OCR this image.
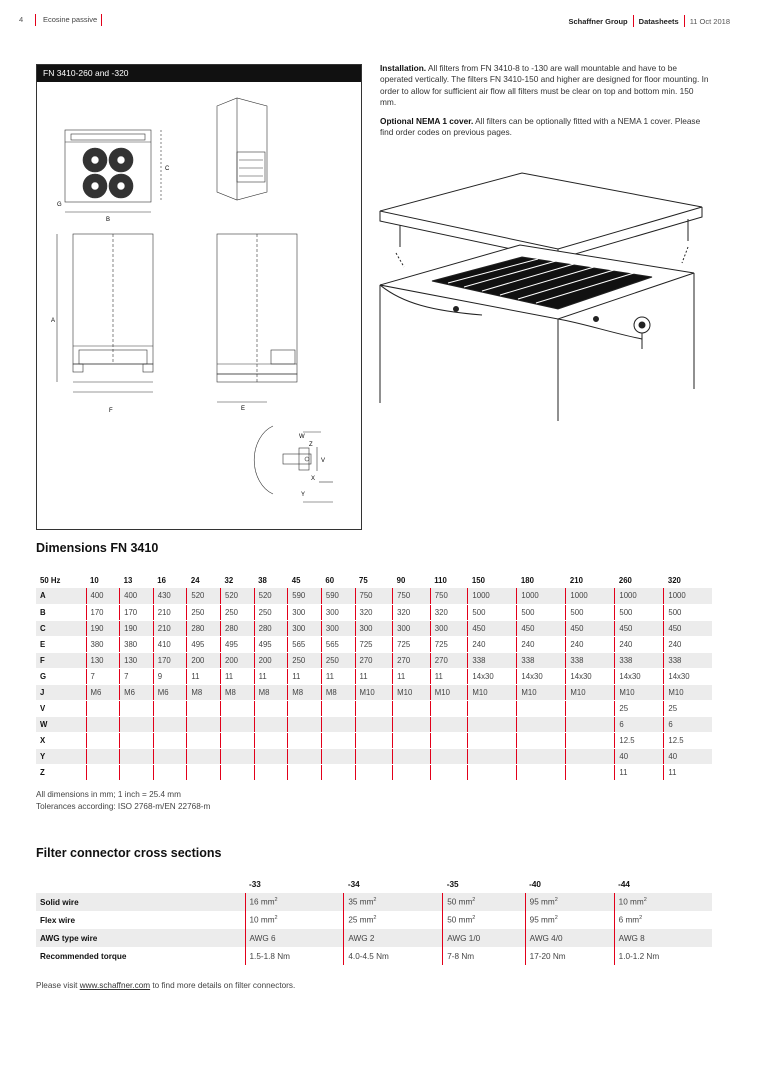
4	Ecosine passive	Schaffner Group Datasheets 11 Oct 2018
FN 3410-260 and -320
C
G
B
A
F	E
W
Z
V
X
Y

Installation. All filters from FN 3410-8 to -130 are wall mountable and have to be operated vertically. The filters FN 3410-150 and higher are designed for floor mounting. In order to allow for sufficient air flow all filters must be clear on top and bottom min. 150 mm.

Optional NEMA 1 cover. All filters can be optionally fitted with a NEMA 1 cover. Please find order codes on previous pages.

Dimensions FN 3410
50 Hz	10	13	16	24	32	38	45	60	75	90	110	150	180	210	260	320
A	400	400	430	520	520	520	590	590	750	750	750	1000	1000	1000	1000	1000
B	170	170	210	250	250	250	300	300	320	320	320	500	500	500	500	500
C	190	190	210	280	280	280	300	300	300	300	300	450	450	450	450	450
E	380	380	410	495	495	495	565	565	725	725	725	240	240	240	240	240
F	130	130	170	200	200	200	250	250	270	270	270	338	338	338	338	338
G	7	7	9	11	11	11	11	11	11	11	11	14x30	14x30	14x30	14x30	14x30
J	M6	M6	M6	M8	M8	M8	M8	M8	M10	M10	M10	M10	M10	M10	M10	M10
V															25	25
W															6	6
X															12.5	12.5
Y															40	40
Z															11	11
All dimensions in mm; 1 inch = 25.4 mm
Tolerances according: ISO 2768-m/EN 22768-m
Filter connector cross sections
	-33	-34	-35	-40	-44
Solid wire	16 $mm^2$	35 $mm^2$	50 $mm^2$	95 $mm^2$	10 $mm^2$
Flex wire	10 $mm^2$	25 $mm^2$	50 $mm^2$	95 $mm^2$	6 $mm^2$
AWG type wire	AWG 6	AWG 2	AWG 1/0	AWG 4/0	AWG 8
Recommended torque	1.5-1.8 Nm	4.0-4.5 Nm	7-8 Nm	17-20 Nm	1.0-1.2 Nm
Please visit www.schaffner.com to find more details on filter connectors.
